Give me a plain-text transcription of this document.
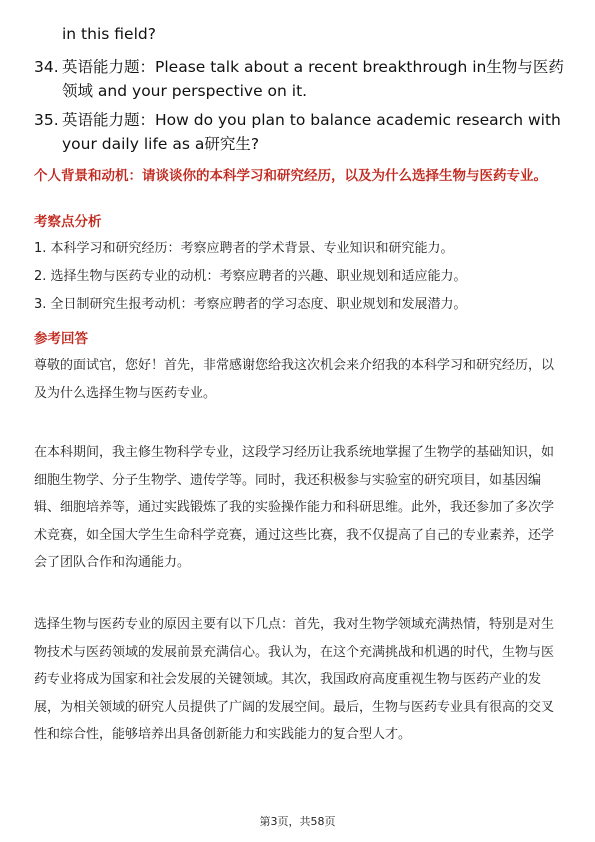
in this field?
34. 英语能力题：Please talk about a recent breakthrough in生物与医药领域 and your perspective on it.
35. 英语能力题：How do you plan to balance academic research with your daily life as a研究生?
个人背景和动机：请谈谈你的本科学习和研究经历，以及为什么选择生物与医药专业。
考察点分析
1. 本科学习和研究经历：考察应聘者的学术背景、专业知识和研究能力。
2. 选择生物与医药专业的动机：考察应聘者的兴趣、职业规划和适应能力。
3. 全日制研究生报考动机：考察应聘者的学习态度、职业规划和发展潜力。
参考回答
尊敬的面试官，您好！首先，非常感谢您给我这次机会来介绍我的本科学习和研究经历，以及为什么选择生物与医药专业。
在本科期间，我主修生物科学专业，这段学习经历让我系统地掌握了生物学的基础知识，如细胞生物学、分子生物学、遗传学等。同时，我还积极参与实验室的研究项目，如基因编辑、细胞培养等，通过实践锻炼了我的实验操作能力和科研思维。此外，我还参加了多次学术竞赛，如全国大学生生命科学竞赛，通过这些比赛，我不仅提高了自己的专业素养，还学会了团队合作和沟通能力。
选择生物与医药专业的原因主要有以下几点：首先，我对生物学领域充满热情，特别是对生物技术与医药领域的发展前景充满信心。我认为，在这个充满挑战和机遇的时代，生物与医药专业将成为国家和社会发展的关键领域。其次，我国政府高度重视生物与医药产业的发展，为相关领域的研究人员提供了广阔的发展空间。最后，生物与医药专业具有很高的交叉性和综合性，能够培养出具备创新能力和实践能力的复合型人才。
第3页，共58页
